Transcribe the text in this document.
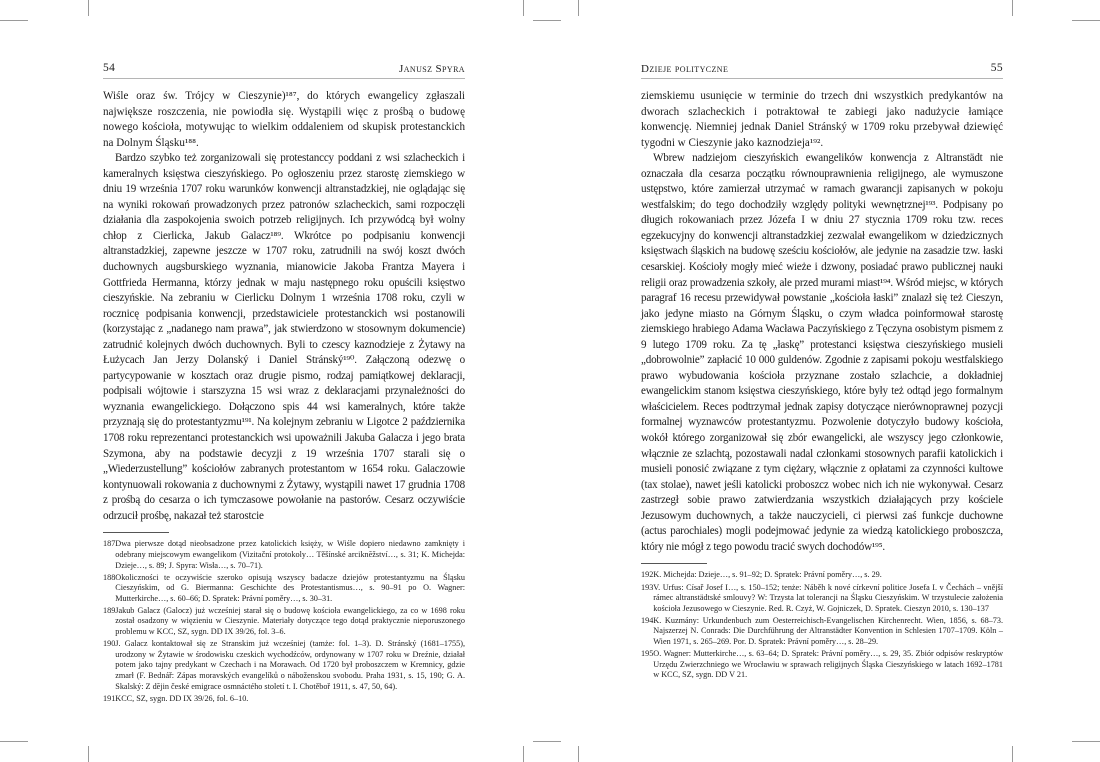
54	Janusz Spyra

Wiśle oraz św. Trójcy w Cieszynie)¹⁸⁷, do których ewangelicy zgłaszali największe roszczenia, nie powiodła się. Wystąpili więc z prośbą o budowę nowego kościoła, motywując to wielkim oddaleniem od skupisk protestanckich na Dolnym Śląsku¹⁸⁸.

Bardzo szybko też zorganizowali się protestanccy poddani z wsi szlacheckich i kameralnych księstwa cieszyńskiego. Po ogłoszeniu przez starostę ziemskiego w dniu 19 września 1707 roku warunków konwencji altranstadzkiej, nie oglądając się na wyniki rokowań prowadzonych przez patronów szlacheckich, sami rozpoczęli działania dla zaspokojenia swoich potrzeb religijnych. Ich przywódcą był wolny chłop z Cierlicka, Jakub Galacz¹⁸⁹. Wkrótce po podpisaniu konwencji altranstadzkiej, zapewne jeszcze w 1707 roku, zatrudnili na swój koszt dwóch duchownych augsburskiego wyznania, mianowicie Jakoba Frantza Mayera i Gottfrieda Hermanna, którzy jednak w maju następnego roku opuścili księstwo cieszyńskie. Na zebraniu w Cierlicku Dolnym 1 września 1708 roku, czyli w rocznicę podpisania konwencji, przedstawiciele protestanckich wsi postanowili (korzystając z „nadanego nam prawa”, jak stwierdzono w stosownym dokumencie) zatrudnić kolejnych dwóch duchownych. Byli to czescy kaznodzieje z Żytawy na Łużycach Jan Jerzy Dolanský i Daniel Stránský¹⁹⁰. Załączoną odezwę o partycypowanie w kosztach oraz drugie pismo, rodzaj pamiątkowej deklaracji, podpisali wójtowie i starszyzna 15 wsi wraz z deklaracjami przynależności do wyznania ewangelickiego. Dołączono spis 44 wsi kameralnych, które także przyznają się do protestantyzmu¹⁹¹. Na kolejnym zebraniu w Ligotce 2 października 1708 roku reprezentanci protestanckich wsi upoważnili Jakuba Galacza i jego brata Szymona, aby na podstawie decyzji z 19 września 1707 starali się o „Wiederzustellung” kościołów zabranych protestantom w 1654 roku. Galaczowie kontynuowali rokowania z duchownymi z Żytawy, wystąpili nawet 17 grudnia 1708 z prośbą do cesarza o ich tymczasowe powołanie na pastorów. Cesarz oczywiście odrzucił prośbę, nakazał też starostcie

187 Dwa pierwsze dotąd nieobsadzone przez katolickich księży, w Wiśle dopiero niedawno zamknięty i odebrany miejscowym ewangelikom (Vizitační protokoly… Těšínské arciknĕžství…, s. 31; K. Michejda: Dzieje…, s. 89; J. Spyra: Wisła…, s. 70–71).
188 Okoliczności te oczywiście szeroko opisują wszyscy badacze dziejów protestantyzmu na Śląsku Cieszyńskim, od G. Biermanna: Geschichte des Protestantismus…, s. 90–91 po O. Wagner: Mutterkirche…, s. 60–66; D. Spratek: Právní poměry…, s. 30–31.
189 Jakub Galacz (Galocz) już wcześniej starał się o budowę kościoła ewangelickiego, za co w 1698 roku został osadzony w więzieniu w Cieszynie. Materiały dotyczące tego dotąd praktycznie nieporuszonego problemu w KCC, SZ, sygn. DD IX 39/26, fol. 3–6.
190 J. Galacz kontaktował się ze Stranskim już wcześniej (tamże: fol. 1–3). D. Stránský (1681–1755), urodzony w Żytawie w środowisku czeskich wychodźców, ordynowany w 1707 roku w Dreźnie, działał potem jako tajny predykant w Czechach i na Morawach. Od 1720 był proboszczem w Kremnicy, gdzie zmarł (F. Bednář: Zápas moravských evangelíků o náboženskou svobodu. Praha 1931, s. 15, 190; G. A. Skalský: Z dĕjin české emigrace osmnáctého století t. I. Chotěboř 1911, s. 47, 50, 64).
191 KCC, SZ, sygn. DD IX 39/26, fol. 6–10.
Dzieje polityczne	55

ziemskiemu usunięcie w terminie do trzech dni wszystkich predykantów na dworach szlacheckich i potraktował te zabiegi jako nadużycie łamiące konwencję. Niemniej jednak Daniel Stránský w 1709 roku przebywał dziewięć tygodni w Cieszynie jako kaznodzieja¹⁹².

Wbrew nadziejom cieszyńskich ewangelików konwencja z Altranstädt nie oznaczała dla cesarza początku równouprawnienia religijnego, ale wymuszone ustępstwo, które zamierzał utrzymać w ramach gwarancji zapisanych w pokoju westfalskim; do tego dochodziły względy polityki wewnętrznej¹⁹³. Podpisany po długich rokowaniach przez Józefa I w dniu 27 stycznia 1709 roku tzw. reces egzekucyjny do konwencji altranstadzkiej zezwalał ewangelikom w dziedzicznych księstwach śląskich na budowę sześciu kościołów, ale jedynie na zasadzie tzw. łaski cesarskiej. Kościoły mogły mieć wieże i dzwony, posiadać prawo publicznej nauki religii oraz prowadzenia szkoły, ale przed murami miast¹⁹⁴. Wśród miejsc, w których paragraf 16 recesu przewidywał powstanie „kościoła łaski” znalazł się też Cieszyn, jako jedyne miasto na Górnym Śląsku, o czym władca poinformował starostę ziemskiego hrabiego Adama Wacława Paczyńskiego z Tęczyna osobistym pismem z 9 lutego 1709 roku. Za tę „łaskę” protestanci księstwa cieszyńskiego musieli „dobrowolnie” zapłacić 10 000 guldenów. Zgodnie z zapisami pokoju westfalskiego prawo wybudowania kościoła przyznane zostało szlachcie, a dokładniej ewangelickim stanom księstwa cieszyńskiego, które były też odtąd jego formalnym właścicielem. Reces podtrzymał jednak zapisy dotyczące nierównoprawnej pozycji formalnej wyznawców protestantyzmu. Pozwolenie dotyczyło budowy kościoła, wokół którego zorganizował się zbór ewangelicki, ale wszyscy jego członkowie, włącznie ze szlachtą, pozostawali nadal członkami stosownych parafii katolickich i musieli ponosić związane z tym ciężary, włącznie z opłatami za czynności kultowe (tax stolae), nawet jeśli katolicki proboszcz wobec nich ich nie wykonywał. Cesarz zastrzegł sobie prawo zatwierdzania wszystkich działających przy kościele Jezusowym duchownych, a także nauczycieli, ci pierwsi zaś funkcje duchowne (actus parochiales) mogli podejmować jedynie za wiedzą katolickiego proboszcza, który nie mógł z tego powodu tracić swych dochodów¹⁹⁵.

192 K. Michejda: Dzieje…, s. 91–92; D. Spratek: Právní poměry…, s. 29.
193 V. Urfus: Císař Josef I…, s. 150–152; tenże: Náběh k nové církevní politice Josefa I. v Čechách – vnější rámec altranstädtské smlouvy? W: Trzysta lat tolerancji na Śląsku Cieszyńskim. W trzystulecie założenia kościoła Jezusowego w Cieszynie. Red. R. Czyż, W. Gojniczek, D. Spratek. Cieszyn 2010, s. 130–137
194 K. Kuzmány: Urkundenbuch zum Oesterreichisch-Evangelischen Kirchenrecht. Wien, 1856, s. 68–73. Najszerzej N. Conrads: Die Durchführung der Altranstädter Konvention in Schlesien 1707–1709. Köln – Wien 1971, s. 265–269. Por. D. Spratek: Právní poměry…, s. 28–29.
195 O. Wagner: Mutterkirche…, s. 63–64; D. Spratek: Právní poměry…, s. 29, 35. Zbiór odpisów reskryptów Urzędu Zwierzchniego we Wrocławiu w sprawach religijnych Śląska Cieszyńskiego w latach 1692–1781 w KCC, SZ, sygn. DD V 21.
